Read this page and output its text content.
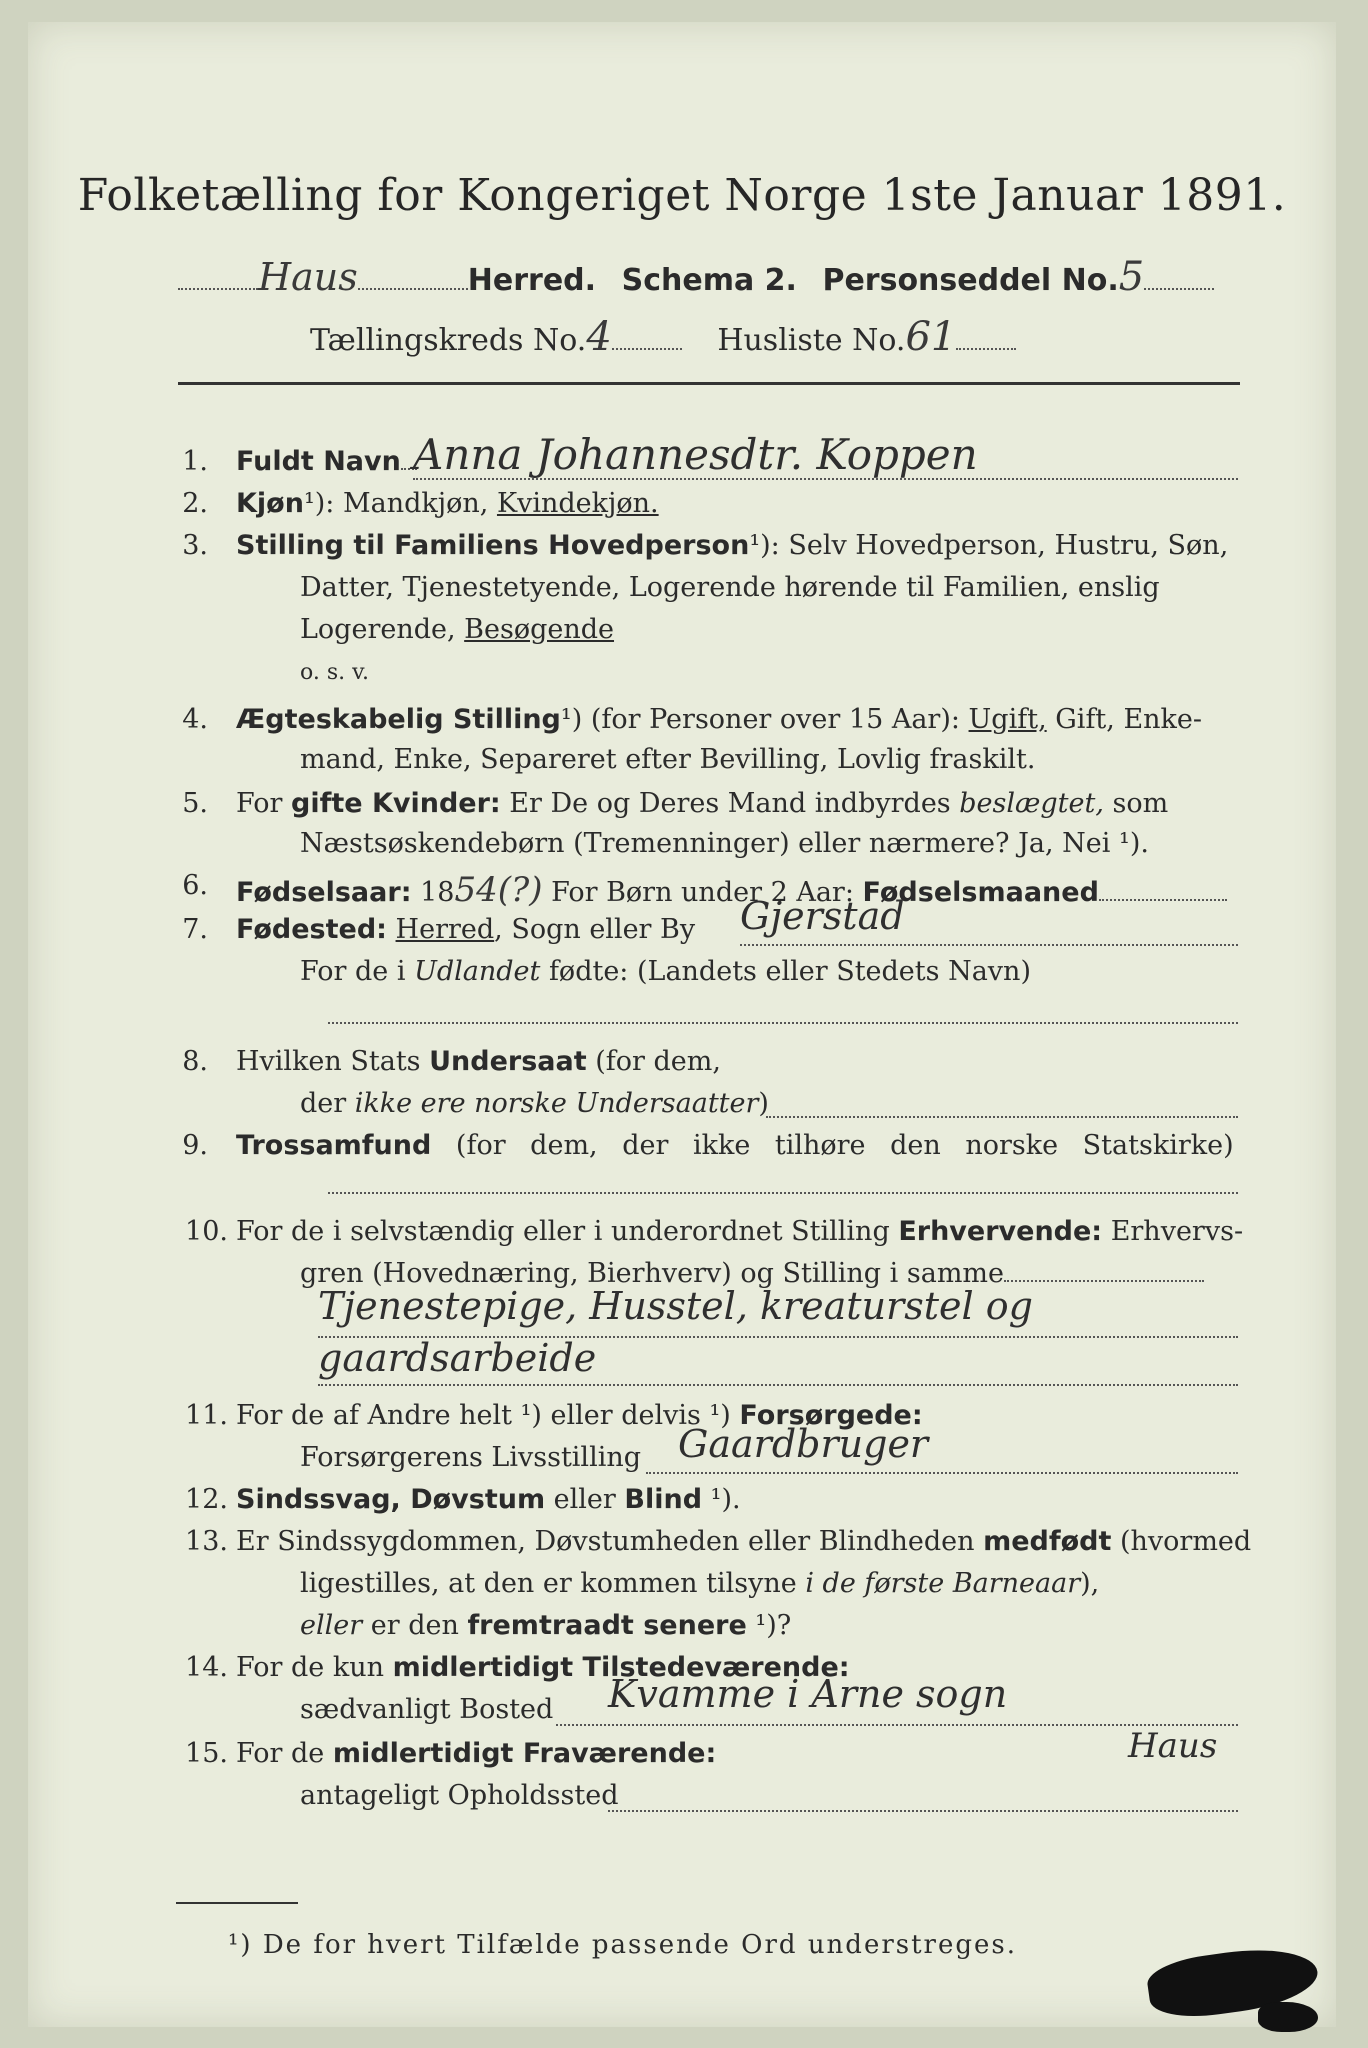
Folketælling for Kongeriget Norge 1ste Januar 1891.
Haus	Herred. Schema 2. Personseddel No.5
Tællingskreds No.4	Husliste No.61
1. Fuldt Navn Anna Johannesdtr. Koppen
2. Kjøn¹): Mandkjøn, Kvindekjøn.
3. Stilling til Familiens Hovedperson¹): Selv Hovedperson, Hustru, Søn,
Datter, Tjenestetyende, Logerende hørende til Familien, enslig
Logerende, Besøgende
o. s. v.
4. Ægteskabelig Stilling¹) (for Personer over 15 Aar): Ugift, Gift, Enke-
mand, Enke, Separeret efter Bevilling, Lovlig fraskilt.
5. For gifte Kvinder: Er De og Deres Mand indbyrdes beslægtet, som
Næstsøskendebørn (Tremenninger) eller nærmere? Ja, Nei ¹).
6. Fødselsaar: 1854(?) For Børn under 2 Aar: Fødselsmaaned
7. Fødested: Herred, Sogn eller By Gjerstad
For de i Udlandet fødte: (Landets eller Stedets Navn)
8. Hvilken Stats Undersaat (for dem,
der ikke ere norske Undersaatter)
9. Trossamfund (for dem, der ikke tilhøre den norske Statskirke)
10. For de i selvstændig eller i underordnet Stilling Erhvervende: Erhvervs-
gren (Hovednæring, Bierhverv) og Stilling i samme
Tjenestepige, Husstel, kreaturstel og
gaardsarbeide
11. For de af Andre helt ¹) eller delvis ¹) Forsørgede:
Forsørgerens Livsstilling Gaardbruger
12. Sindssvag, Døvstum eller Blind ¹).
13. Er Sindssygdommen, Døvstumheden eller Blindheden medfødt (hvormed
ligestilles, at den er kommen tilsyne i de første Barneaar),
eller er den fremtraadt senere ¹)?
14. For de kun midlertidigt Tilstedeværende:
sædvanligt Bosted Kvamme i Arne sogn
15. For de midlertidigt Fraværende:	Haus
antageligt Opholdssted
¹) De for hvert Tilfælde passende Ord understreges.
